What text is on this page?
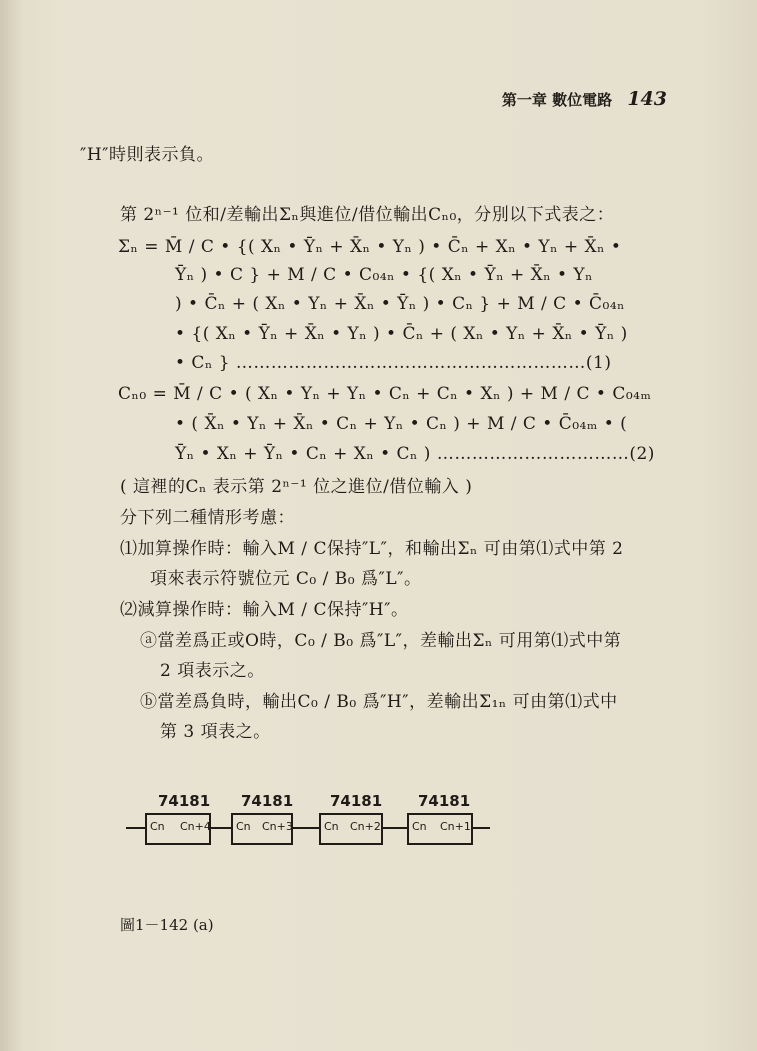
第一章 數位電路 143
″H″時則表示負。
第 2ⁿ⁻¹ 位和/差輸出Σₙ與進位/借位輸出Cₙ₀，分別以下式表之：
Σₙ = M̄ / C • {( Xₙ • Ȳₙ + X̄ₙ • Yₙ ) • C̄ₙ + Xₙ • Yₙ + X̄ₙ •
Ȳₙ ) • C } + M / C • C₀₄ₙ • {( Xₙ • Ȳₙ + X̄ₙ • Yₙ
) • C̄ₙ + ( Xₙ • Yₙ + X̄ₙ • Ȳₙ ) • Cₙ } + M / C • C̄₀₄ₙ
• {( Xₙ • Ȳₙ + X̄ₙ • Yₙ ) • C̄ₙ + ( Xₙ • Yₙ + X̄ₙ • Ȳₙ )
• Cₙ } ……………………………………………………(1)
Cₙ₀ = M̄ / C • ( Xₙ • Yₙ + Yₙ • Cₙ + Cₙ • Xₙ ) + M / C • C₀₄ₘ
• ( X̄ₙ • Yₙ + X̄ₙ • Cₙ + Yₙ • Cₙ ) + M / C • C̄₀₄ₘ • (
Ȳₙ • Xₙ + Ȳₙ • Cₙ + Xₙ • Cₙ ) ……………………………(2)
( 這裡的Cₙ 表示第 2ⁿ⁻¹ 位之進位/借位輸入 )
分下列二種情形考慮：
⑴加算操作時：輸入M / C保持″L″，和輸出Σₙ 可由第⑴式中第 2
項來表示符號位元 C₀ / B₀ 爲″L″。
⑵減算操作時：輸入M / C保持″H″。
ⓐ當差爲正或O時，C₀ / B₀ 爲″L″，差輸出Σₙ 可用第⑴式中第
2 項表示之。
ⓑ當差爲負時，輸出C₀ / B₀ 爲″H″，差輸出Σ₁ₙ 可由第⑴式中
第 3 項表之。
74181 74181 74181 74181
Cn Cn+4 Cn Cn+3	Cn Cn+2	Cn Cn+1
圖1－142 (a)
